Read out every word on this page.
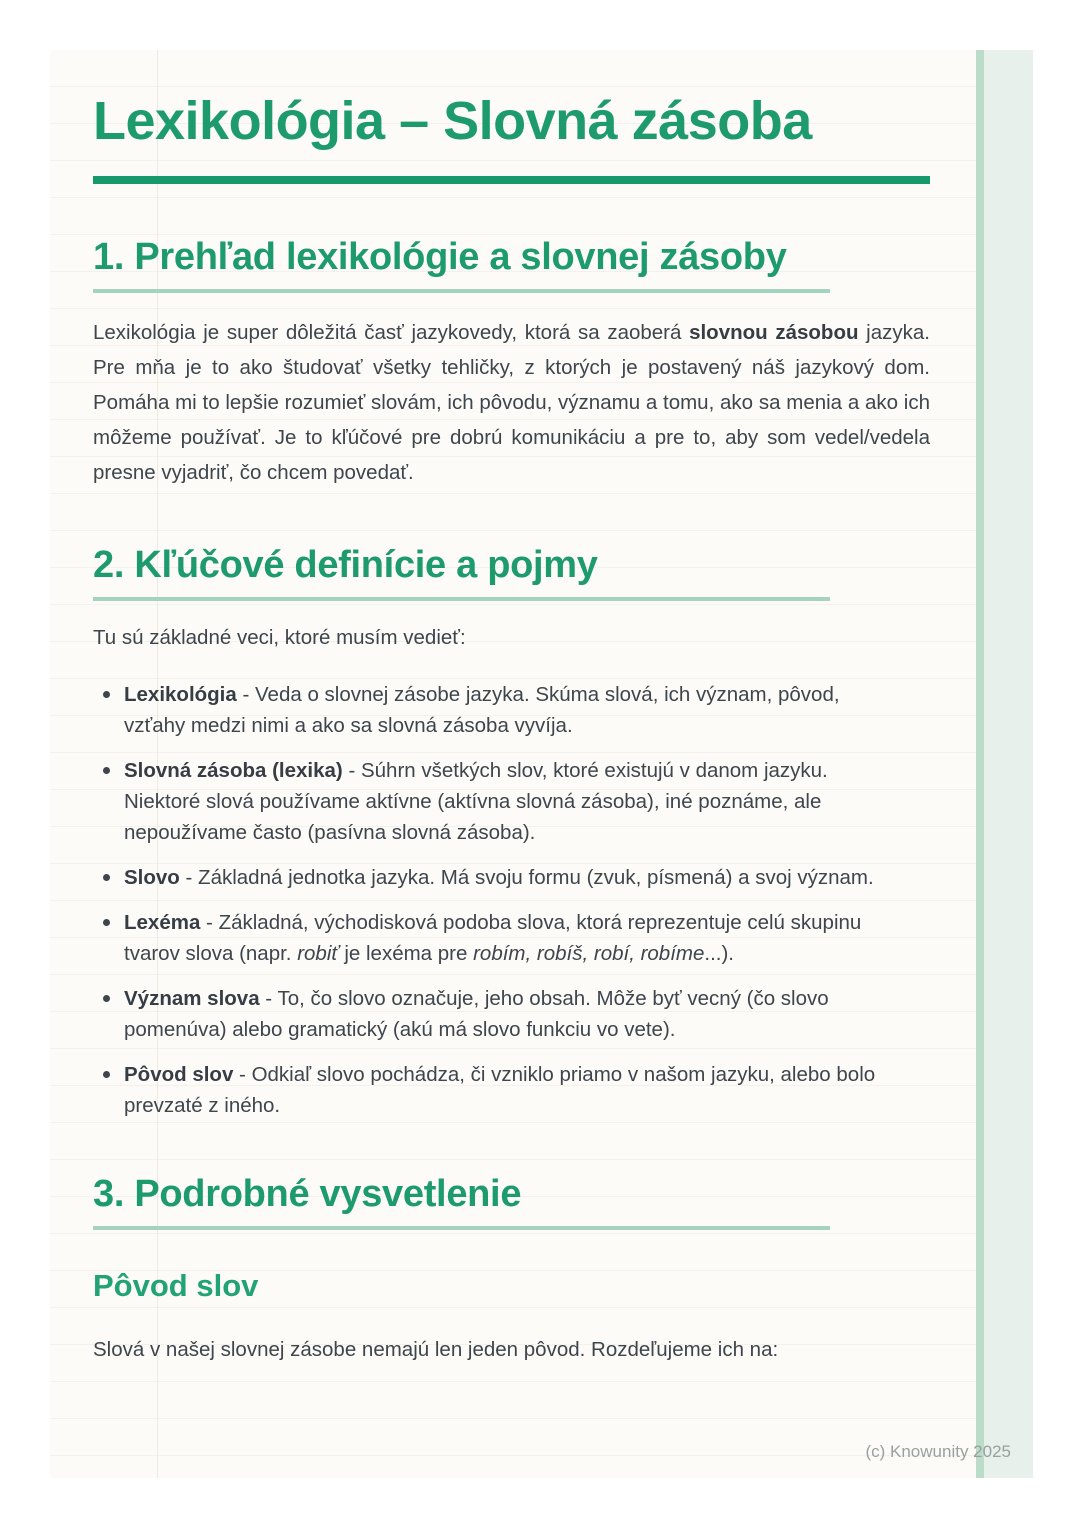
Lexikológia – Slovná zásoba
1. Prehľad lexikológie a slovnej zásoby

Lexikológia je super dôležitá časť jazykovedy, ktorá sa zaoberá slovnou zásobou jazyka. Pre mňa je to ako študovať všetky tehličky, z ktorých je postavený náš jazykový dom. Pomáha mi to lepšie rozumieť slovám, ich pôvodu, významu a tomu, ako sa menia a ako ich môžeme používať. Je to kľúčové pre dobrú komunikáciu a pre to, aby som vedel/vedela presne vyjadriť, čo chcem povedať.

2. Kľúčové definície a pojmy

Tu sú základné veci, ktoré musím vedieť:

Lexikológia - Veda o slovnej zásobe jazyka. Skúma slová, ich význam, pôvod, vzťahy medzi nimi a ako sa slovná zásoba vyvíja.
Slovná zásoba (lexika) - Súhrn všetkých slov, ktoré existujú v danom jazyku. Niektoré slová používame aktívne (aktívna slovná zásoba), iné poznáme, ale nepoužívame často (pasívna slovná zásoba).
Slovo - Základná jednotka jazyka. Má svoju formu (zvuk, písmená) a svoj význam.
Lexéma - Základná, východisková podoba slova, ktorá reprezentuje celú skupinu tvarov slova (napr. robiť je lexéma pre robím, robíš, robí, robíme...).
Význam slova - To, čo slovo označuje, jeho obsah. Môže byť vecný (čo slovo pomenúva) alebo gramatický (akú má slovo funkciu vo vete).
Pôvod slov - Odkiaľ slovo pochádza, či vzniklo priamo v našom jazyku, alebo bolo prevzaté z iného.
3. Podrobné vysvetlenie
Pôvod slov

Slová v našej slovnej zásobe nemajú len jeden pôvod. Rozdeľujeme ich na:

(c) Knowunity 2025
